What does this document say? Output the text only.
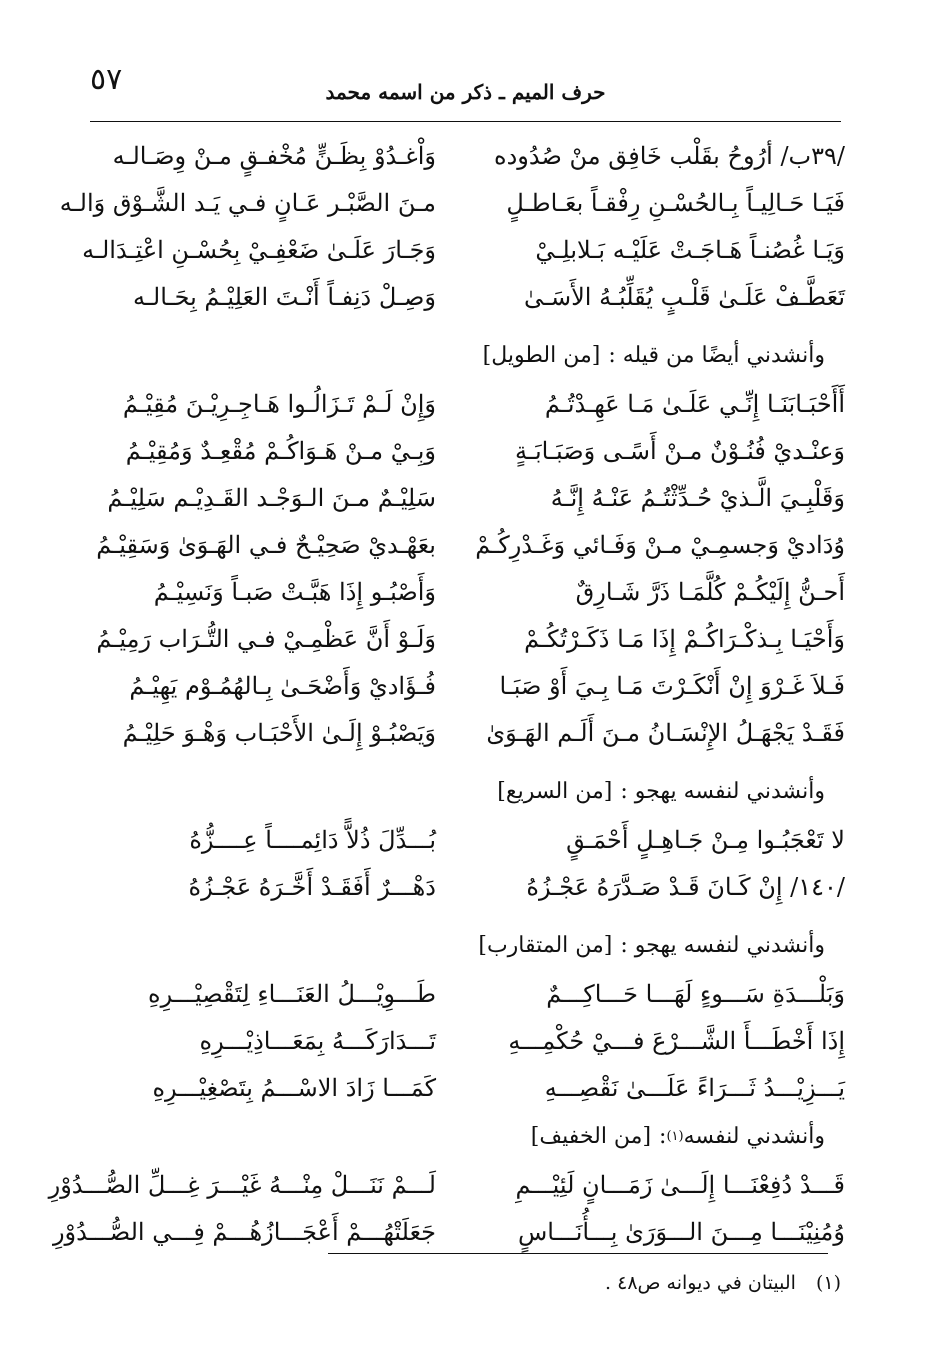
٥٧	حرف الميم ـ ذكر من اسمه محمد
/٣٩ب/ أرُوحُ بقَلْب خَافِق منْ صُدُوده
وَاْغـدُوْ بِظَـنٍّ مُخْفـقٍ مـنْ وِصَـالـه
فَيَـا حَـالِيـاً بِـالحُسْـنِ رِفْقـاً بعَـاطـلٍ
مـنَ الصَّبْـر عَـانٍ فـي يَـد الشَّـوْق وَالـه
وَيَـا غُصُنـاً هَـاجَـتْ عَلَيْـه بَـلابلِـيْ
وَجَـارَ عَلَـىٰ ضَعْفِـيْ بِحُسْـنِ اعْتِـدَالـه
تَعَطَّـفْ عَلَـىٰ قَلْـبٍ يُقَلِّبُـهُ الأَسَـىٰ
وَصِـلْ دَنِفـاً أَنْـتَ العَلِيْـمُ بِحَـالـه
وأنشدني أيضًا من قيله :
[من الطويل]
أَأَحْبَـابَنَـا إِنِّـي عَلَـىٰ مَـا عَهِـدْتُـمُ
وَإِنْ لَـمْ تَـزَالُـوا هَـاجِـرِيْـنَ مُقِيْـمُ
وَعنْـديْ فُنُـوْنٌ مـنْ أَسًـى وَصَبَـابَـةٍ
وَبِـيْ مـنْ هَـوَاكُـمْ مُقْعِـدٌ وَمُقِيْـمُ
وَقَلْبِـيَ الَّـذيْ حُـدِّثْتُـمُ عَنْـهُ إِنَّـهُ
سَلِيْـمٌ مـنَ الـوَجْـد القَـدِيْـم سَلِيْـمُ
وُدَاديْ وَجسمِـيْ مـنْ وَفَـائي وَغَـدْرِكُـمْ
بعَهْـديْ صَحِيْـحٌ فـي الهَـوَىٰ وَسَقِيْـمُ
أَحـنُّ إِلَيْكُـمْ كُلَّمَـا ذَرَّ شَـارِقٌ
وَأَصْبُـو إِذَا هَبَّـتْ صَبـاً وَنَسِيْـمُ
وَأَحْيَـا بِـذكْـرَاكُـمْ إِذَا مَـا ذَكَـرْتُكُـمْ
وَلَـوْ أَنَّ عَظْمِـيْ فـي التُّـرَاب رَمِيْـمُ
فَـلاَ غَـرْوَ إِنْ أَنْكَـرْتَ مَـا بِـيَ أَوْ صَبَـا
فُـؤَاديْ وَأَضْحَـىٰ بِـالهُمُـوْم يَهِيْـمُ
فَقَـدْ يَجْهَـلُ الإِنْسَـانُ مـنَ أَلَـم الهَـوَىٰ
وَيَصْبُـوْ إِلَـىٰ الأَحْبَـاب وَهْـوَ حَلِيْـمُ
وأنشدني لنفسه يهجو :
[من السريع]
لا تَعْجَبُـوا مِـنْ جَـاهِـلٍ أَحْمَـقٍ
بُـــدِّلَ ذُلاًّ دَائِمــــاً عِــــزُّهُ
/١٤٠/ إِنْ كَـانَ قَـدْ صَـدَّرَهُ عَجْـزُهُ
دَهْـــرٌ أَفَقَـدْ أَخَّـرَهُ عَجْـزُهُ
وأنشدني لنفسه يهجو :
[من المتقارب]
وَبَلْـــدَةِ سَـــوءٍ لَهَـــا حَـــاكِـــمٌ
طَـــوِيْـــلُ العَنَـــاءِ لِتَقْصِيْـــرِهِ
إِذَا أَخْطَـــأَ الشَّـــرْعَ فـــيْ حُكْمِـــهِ
تَـــدَارَكَـــهُ بِمَعَـــاذِيْـــرِهِ
يَـــزِيْـــدُ ثَـــرَاءً عَلَـــىٰ نَقْصِـــهِ
كَمَـــا زَادَ الاسْـــمُ بِتَصْغِيْـــرِهِ
وأنشدني لنفسه
(١)
:
[من الخفيف]
قَـــدْ دُفِعْنَـــا إِلَـــىٰ زَمَـــانٍ لَئِيْـــمِ
لَـــمْ نَنَـــلْ مِنْـــهُ غَيْـــرَ غِـــلِّ الصُّـــدُوْرِ
وُمُنِيْنَـــا مِـــنَ الـــوَرَىٰ بِـــأُنَـــاسٍ
جَعَلَتْهُـــمْ أَعْجَـــازُهُـــمْ فِـــي الصُّـــدُوْرِ
(١) البيتان في ديوانه ص٤٨ .
